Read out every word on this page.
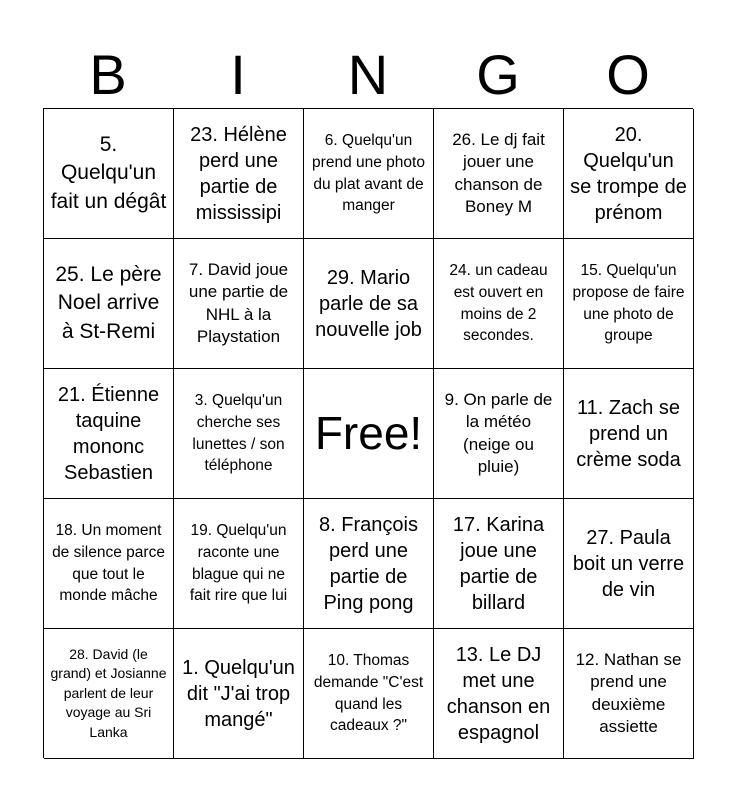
B	I	N	G	O
5. Quelqu'un fait un dégât
23. Hélène perd une partie de mississipi
6. Quelqu'un prend une photo du plat avant de manger
26. Le dj fait jouer une chanson de Boney M
20. Quelqu'un se trompe de prénom
25. Le père Noel arrive à St-Remi
7. David joue une partie de NHL à la Playstation
29. Mario parle de sa nouvelle job
24. un cadeau est ouvert en moins de 2 secondes.
15. Quelqu'un propose de faire une photo de groupe
21. Étienne taquine mononc Sebastien
3. Quelqu'un cherche ses lunettes / son téléphone
Free!
9. On parle de la météo (neige ou pluie)
11. Zach se prend un crème soda
18. Un moment de silence parce que tout le monde mâche
19. Quelqu'un raconte une blague qui ne fait rire que lui
8. François perd une partie de Ping pong
17. Karina joue une partie de billard
27. Paula boit un verre de vin
28. David (le grand) et Josianne parlent de leur voyage au Sri Lanka
1. Quelqu'un dit "J'ai trop mangé"
10. Thomas demande "C'est quand les cadeaux ?"
13. Le DJ met une chanson en espagnol
12. Nathan se prend une deuxième assiette
